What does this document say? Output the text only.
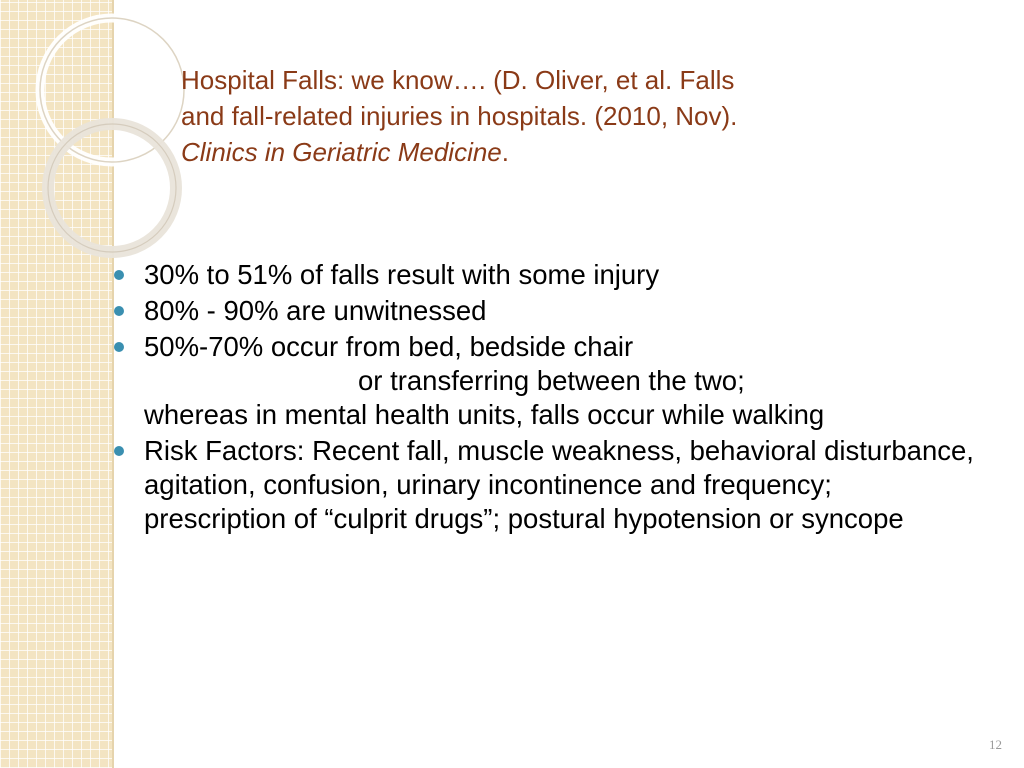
Hospital Falls: we know…. (D. Oliver, et al. Falls
and fall-related injuries in hospitals. (2010, Nov).
Clinics in Geriatric Medicine.
30% to 51% of falls result with some injury
80% - 90% are unwitnessed
50%-70% occur from bed, bedside chair
or transferring between the two;
whereas in mental health units, falls occur while walking
Risk Factors: Recent fall, muscle weakness, behavioral disturbance, agitation, confusion, urinary incontinence and frequency; prescription of “culprit drugs”; postural hypotension or syncope
12
